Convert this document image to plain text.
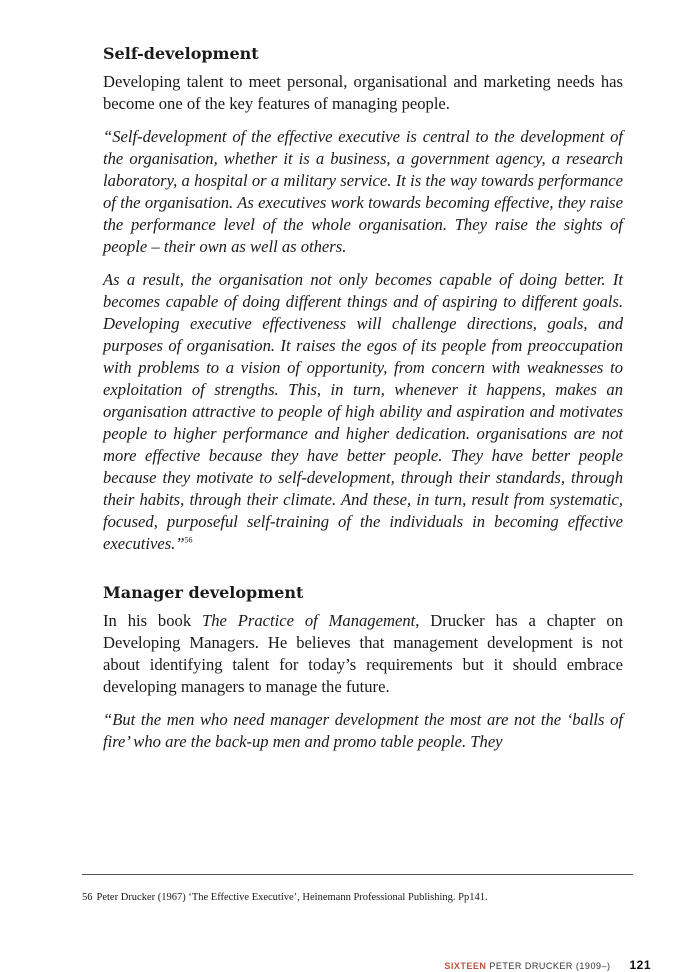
Self-development

Developing talent to meet personal, organisational and marketing needs has become one of the key features of managing people.

“Self-development of the effective executive is central to the development of the organisation, whether it is a business, a government agency, a research laboratory, a hospital or a military service. It is the way towards performance of the organisation. As executives work towards becoming effective, they raise the performance level of the whole organisation. They raise the sights of people – their own as well as others.

As a result, the organisation not only becomes capable of doing better. It becomes capable of doing different things and of aspiring to different goals. Developing executive effectiveness will challenge directions, goals, and purposes of organisation. It raises the egos of its people from preoccupation with problems to a vision of opportunity, from concern with weaknesses to exploitation of strengths. This, in turn, whenever it happens, makes an organisation attractive to people of high ability and aspiration and motivates people to higher performance and higher dedication. organisations are not more effective because they have better people. They have better people because they motivate to self-development, through their standards, through their habits, through their climate. And these, in turn, result from systematic, focused, purposeful self-training of the individuals in becoming effective executives.”$^{56}$

Manager development

In his book The Practice of Management, Drucker has a chapter on Developing Managers. He believes that management development is not about identifying talent for today’s requirements but it should embrace developing managers to manage the future.

“But the men who need manager development the most are not the ‘balls of fire’ who are the back-up men and promo table people. They

56 Peter Drucker (1967) ‘The Effective Executive’, Heinemann Professional Publishing. Pp141.
SIXTEEN PETER DRUCKER (1909–) 121
